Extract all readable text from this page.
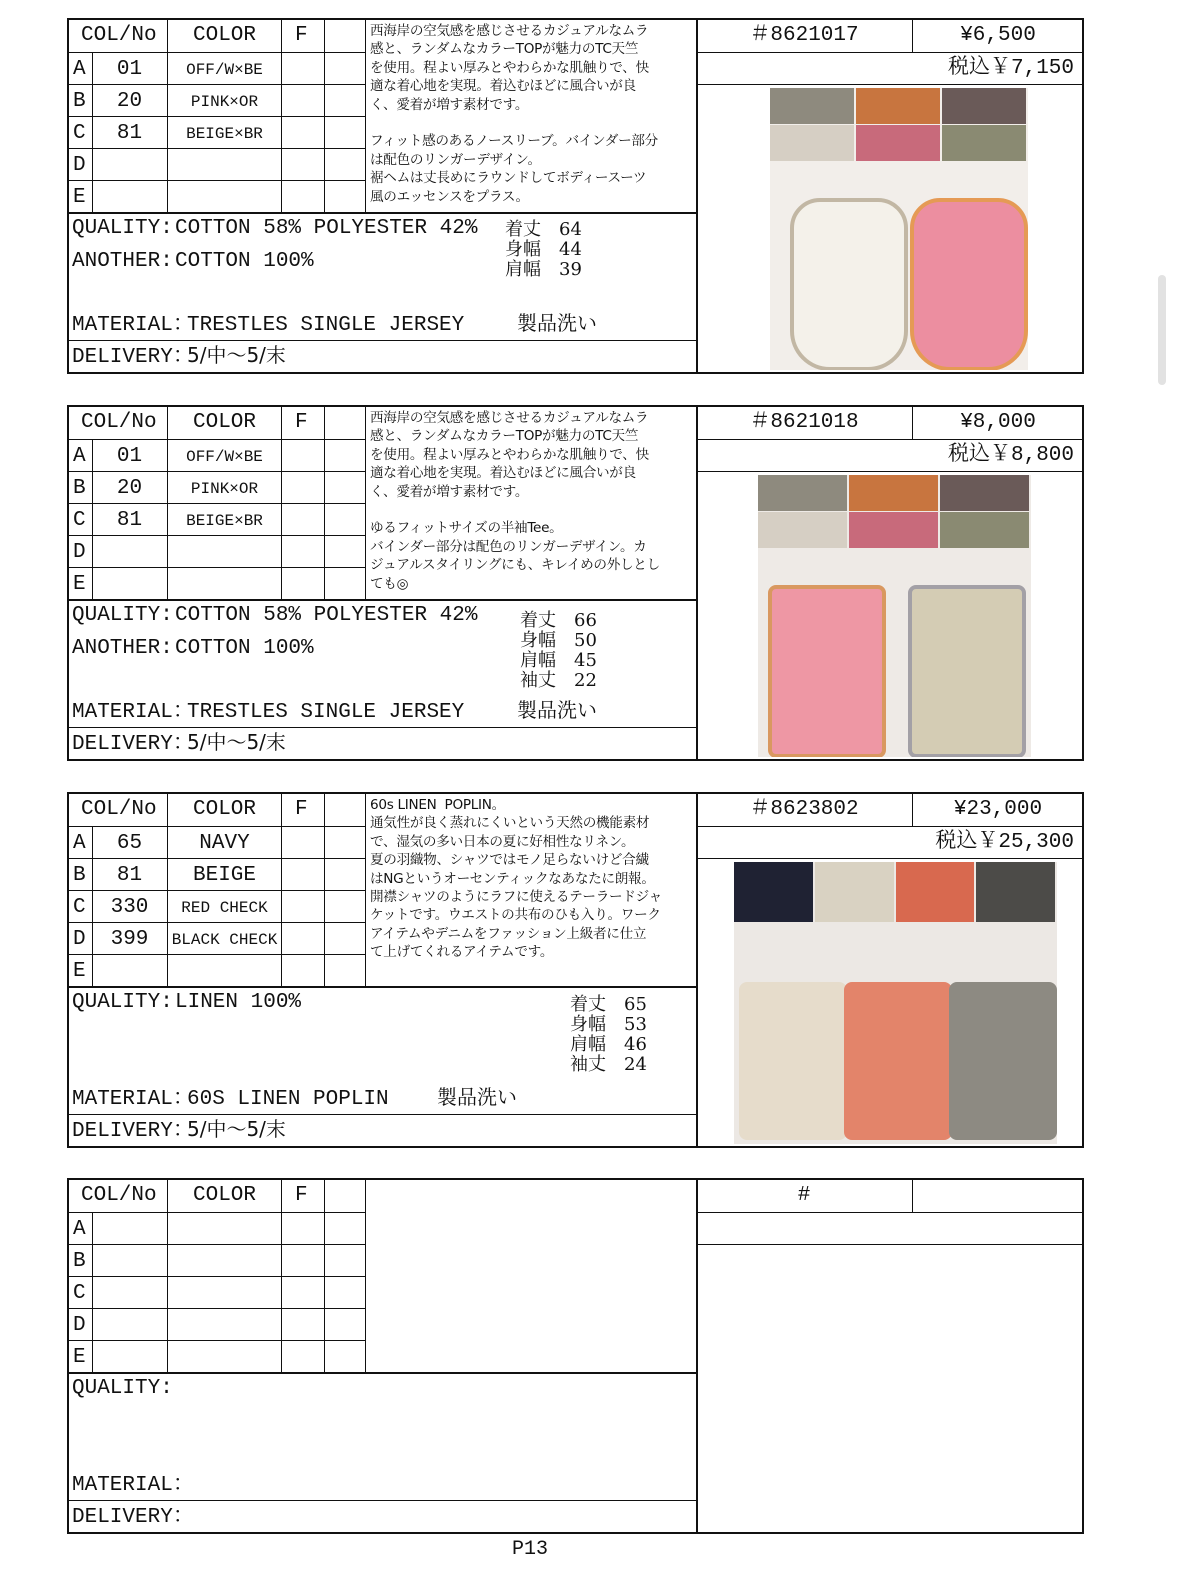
P13
COL/No COLOR F
A	01	OFF/W×BE
B	20	PINK×OR
C	81	BEIGE×BR
D
E
西海岸の空気感を感じさせるカジュアルなムラ
感と、ランダムなカラーTOPが魅力のTC天竺
を使用。程よい厚みとやわらかな肌触りで、快
適な着心地を実現。着込むほどに風合いが良
く、愛着が増す素材です。

フィット感のあるノースリーブ。バインダー部分
は配色のリンガーデザイン。
裾ヘムは丈長めにラウンドしてボディースーツ
風のエッセンスをプラス。
QUALITY: COTTON 58% POLYESTER 42%
ANOTHER: COTTON 100%
着丈　64
身幅　44
肩幅　39
MATERIAL：
TRESTLES SINGLE JERSEY	製品洗い
DELIVERY：
5/中〜5/末
＃8621017	¥6,500
税込￥7,150
COL/No COLOR F
A	01	OFF/W×BE
B	20	PINK×OR
C	81	BEIGE×BR
D
E
西海岸の空気感を感じさせるカジュアルなムラ
感と、ランダムなカラーTOPが魅力のTC天竺
を使用。程よい厚みとやわらかな肌触りで、快
適な着心地を実現。着込むほどに風合いが良
く、愛着が増す素材です。

ゆるフィットサイズの半袖Tee。
バインダー部分は配色のリンガーデザイン。カ
ジュアルスタイリングにも、キレイめの外しとし
ても◎
QUALITY: COTTON 58% POLYESTER 42%
ANOTHER: COTTON 100%
着丈　66
身幅　50
肩幅　45
袖丈　22
MATERIAL：
TRESTLES SINGLE JERSEY	製品洗い
DELIVERY：
5/中〜5/末
＃8621018	¥8,000
税込￥8,800
COL/No COLOR F
A	65	NAVY
B	81	BEIGE
C	330	RED CHECK
D	399	BLACK CHECK
E
60s LINEN  POPLIN。
通気性が良く蒸れにくいという天然の機能素材
で、湿気の多い日本の夏に好相性なリネン。
夏の羽織物、シャツではモノ足らないけど合繊
はNGというオーセンティックなあなたに朗報。
開襟シャツのようにラフに使えるテーラードジャ
ケットです。ウエストの共布のひも入り。ワーク
アイテムやデニムをファッション上級者に仕立
て上げてくれるアイテムです。
QUALITY: LINEN 100%	着丈　65
身幅　53
肩幅　46
袖丈　24
MATERIAL：
60S LINEN POPLIN 製品洗い
DELIVERY：
5/中〜5/末
＃8623802	¥23,000
税込￥25,300
COL/No COLOR F
A
B
C
D
E
QUALITY:
MATERIAL：
DELIVERY：
#
